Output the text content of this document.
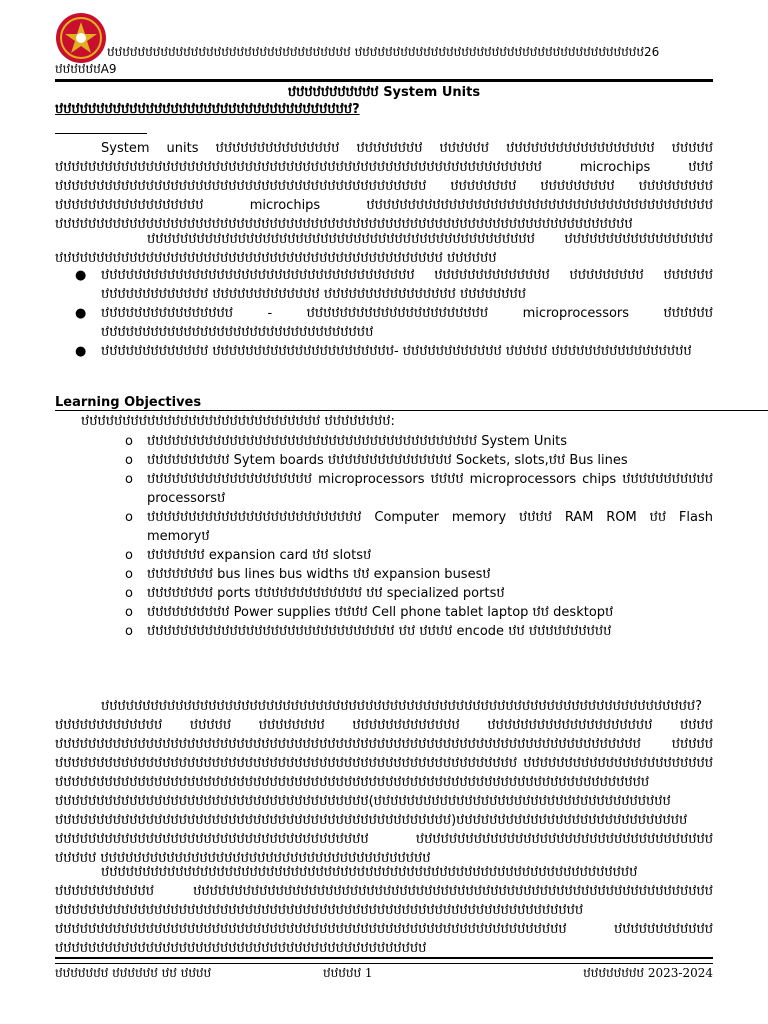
ឋឋឋឋឋឋឋឋឋឋឋឋឋឋឋឋឋឋឋឋឋឋឋឋឋឋឋឋឋឋឋឋ ឋឋឋឋឋឋឋឋឋឋឋឋឋឋឋឋឋឋឋឋឋឋឋឋឋឋឋឋឋឋឋឋឋឋឋឋឋឋ26
ឋឋឋឋឋឋA9
ឋឋឋឋឋឋឋឋឋឋឋ System Units
ឋឋឋឋឋឋឋឋឋឋឋឋឋឋឋឋឋឋឋឋឋឋឋឋឋឋឋឋឋឋឋឋឋឋឋឋ?
System units ឋឋឋឋឋឋឋឋឋឋឋឋឋឋឋ ឋឋឋឋឋឋឋឋ ឋឋឋឋឋឋ ឋឋឋឋឋឋឋឋឋឋឋឋឋឋឋឋឋឋ ឋឋឋឋឋ ឋឋឋឋឋឋឋឋឋឋឋឋឋឋឋឋឋឋឋឋឋឋឋឋឋឋឋឋឋឋឋឋឋឋឋឋឋឋឋឋឋឋឋឋឋឋឋឋឋឋឋឋឋឋឋឋឋឋឋ microchips ឋឋឋ ឋឋឋឋឋឋឋឋឋឋឋឋឋឋឋឋឋឋឋឋឋឋឋឋឋឋឋឋឋឋឋឋឋឋឋឋឋឋឋឋឋឋឋឋឋ ឋឋឋឋឋឋឋឋ ឋឋឋឋឋឋឋឋឋ ឋឋឋឋឋឋឋឋឋ ឋឋឋឋឋឋឋឋឋឋឋឋឋឋឋឋឋឋ microchips ឋឋឋឋឋឋឋឋឋឋឋឋឋឋឋឋឋឋឋឋឋឋឋឋឋឋឋឋឋឋឋឋឋឋឋឋឋឋឋឋឋឋ ឋឋឋឋឋឋឋឋឋឋឋឋឋឋឋឋឋឋឋឋឋឋឋឋឋឋឋឋឋឋឋឋឋឋឋឋឋឋឋឋឋឋឋឋឋឋឋឋឋឋឋឋឋឋឋឋឋឋឋឋឋឋឋឋឋឋឋឋឋឋ
ឋឋឋឋឋឋឋឋឋឋឋឋឋឋឋឋឋឋឋឋឋឋឋឋឋឋឋឋឋឋឋឋឋឋឋឋឋឋឋឋឋឋឋឋឋឋឋ ឋឋឋឋឋឋឋឋឋឋឋឋឋឋឋឋឋឋ ឋឋឋឋឋឋឋឋឋឋឋឋឋឋឋឋឋឋឋឋឋឋឋឋឋឋឋឋឋឋឋឋឋឋឋឋឋឋឋឋឋឋឋឋឋឋឋ ឋឋឋឋឋឋ
● ឋឋឋឋឋឋឋឋឋឋឋឋឋឋឋឋឋឋឋឋឋឋឋឋឋឋឋឋឋឋឋឋឋឋឋឋឋឋ ឋឋឋឋឋឋឋឋឋឋឋឋឋឋ ឋឋឋឋឋឋឋឋឋ ឋឋឋឋឋឋ ឋឋឋឋឋឋឋឋឋឋឋឋឋ ឋឋឋឋឋឋឋឋឋឋឋឋឋ ឋឋឋឋឋឋឋឋឋឋឋឋឋឋឋឋ ឋឋឋឋឋឋឋឋ
● ឋឋឋឋឋឋឋឋឋឋឋឋឋឋឋឋ - ឋឋឋឋឋឋឋឋឋឋឋឋឋឋឋឋឋឋឋឋឋឋ microprocessors ឋឋឋឋឋឋ ឋឋឋឋឋឋឋឋឋឋឋឋឋឋឋឋឋឋឋឋឋឋឋឋឋឋឋឋឋឋឋឋឋ
● ឋឋឋឋឋឋឋឋឋឋឋឋឋ ឋឋឋឋឋឋឋឋឋឋឋឋឋឋឋឋឋឋឋឋឋឋ- ឋឋឋឋឋឋឋឋឋឋឋឋ ឋឋឋឋឋ ឋឋឋឋឋឋឋឋឋឋឋឋឋឋឋឋឋ
Learning Objectives
ឋឋឋឋឋឋឋឋឋឋឋឋឋឋឋឋឋឋឋឋឋឋឋឋឋឋឋឋឋ ឋឋឋឋឋឋឋឋ:
o ឋឋឋឋឋឋឋឋឋឋឋឋឋឋឋឋឋឋឋឋឋឋឋឋឋឋឋឋឋឋឋឋឋឋឋឋឋឋឋឋ System Units
o ឋឋឋឋឋឋឋឋឋឋ Sytem boards ឋឋឋឋឋឋឋឋឋឋឋឋឋឋឋ Sockets, slots,ឋឋ Bus lines
o ឋឋឋឋឋឋឋឋឋឋឋឋឋឋឋឋឋឋឋឋ microprocessors ឋឋឋឋ microprocessors chips ឋឋឋឋឋឋឋឋឋឋឋ processorsឋ
o ឋឋឋឋឋឋឋឋឋឋឋឋឋឋឋឋឋឋឋឋឋឋឋឋឋឋ Computer memory ឋឋឋឋ RAM ROM ឋឋ Flash memoryឋ
o ឋឋឋឋឋឋឋ expansion card ឋឋ slotsឋ
o ឋឋឋឋឋឋឋឋ bus lines bus widths ឋឋ expansion busesឋ
o ឋឋឋឋឋឋឋឋ ports ឋឋឋឋឋឋឋឋឋឋឋឋឋ ឋឋ specialized portsឋ
o ឋឋឋឋឋឋឋឋឋឋ Power supplies ឋឋឋឋ Cell phone tablet laptop ឋឋ desktopឋ
o ឋឋឋឋឋឋឋឋឋឋឋឋឋឋឋឋឋឋឋឋឋឋឋឋឋឋឋឋឋឋ ឋឋ ឋឋឋឋ encode ឋឋ ឋឋឋឋឋឋឋឋឋឋ
ឋឋឋឋឋឋឋឋឋឋឋឋឋឋឋឋឋឋឋឋឋឋឋឋឋឋឋឋឋឋឋឋឋឋឋឋឋឋឋឋឋឋឋឋឋឋឋឋឋឋឋឋឋឋឋឋឋឋឋឋឋឋឋឋឋឋឋឋឋឋឋឋ? ឋឋឋឋឋឋឋឋឋឋឋឋឋ ឋឋឋឋឋ ឋឋឋឋឋឋឋឋ ឋឋឋឋឋឋឋឋឋឋឋឋឋ ឋឋឋឋឋឋឋឋឋឋឋឋឋឋឋឋឋឋឋឋ ឋឋឋឋ ឋឋឋឋឋឋឋឋឋឋឋឋឋឋឋឋឋឋឋឋឋឋឋឋឋឋឋឋឋឋឋឋឋឋឋឋឋឋឋឋឋឋឋឋឋឋឋឋឋឋឋឋឋឋឋឋឋឋឋឋឋឋឋឋឋឋឋឋឋឋឋ ឋឋឋឋឋ ឋឋឋឋឋឋឋឋឋឋឋឋឋឋឋឋឋឋឋឋឋឋឋឋឋឋឋឋឋឋឋឋឋឋឋឋឋឋឋឋឋឋឋឋឋឋឋឋឋឋឋឋឋឋឋឋ ឋឋឋឋឋឋឋឋឋឋឋឋឋឋឋឋឋឋឋឋឋឋឋ ឋឋឋឋឋឋឋឋឋឋឋឋឋឋឋឋឋឋឋឋឋឋឋឋឋឋឋឋឋឋឋឋឋឋឋឋឋឋឋឋឋឋឋឋឋឋឋឋឋឋឋឋឋឋឋឋឋឋឋឋឋឋឋឋឋឋឋឋឋឋឋឋ ឋឋឋឋឋឋឋឋឋឋឋឋឋឋឋឋឋឋឋឋឋឋឋឋឋឋឋឋឋឋឋឋឋឋឋឋឋឋ(ឋឋឋឋឋឋឋឋឋឋឋឋឋឋឋឋឋឋឋឋឋឋឋឋឋឋឋឋឋឋឋឋឋឋឋឋ ឋឋឋឋឋឋឋឋឋឋឋឋឋឋឋឋឋឋឋឋឋឋឋឋឋឋឋឋឋឋឋឋឋឋឋឋឋឋឋឋឋឋឋឋឋឋឋឋ)ឋឋឋឋឋឋឋឋឋឋឋឋឋឋឋឋឋឋឋឋឋឋឋឋឋឋឋឋ ឋឋឋឋឋឋឋឋឋឋឋឋឋឋឋឋឋឋឋឋឋឋឋឋឋឋឋឋឋឋឋឋឋឋឋឋឋឋ ឋឋឋឋឋឋឋឋឋឋឋឋឋឋឋឋឋឋឋឋឋឋឋឋឋឋឋឋឋឋឋឋឋឋឋឋ ឋឋឋឋឋ ឋឋឋឋឋឋឋឋឋឋឋឋឋឋឋឋឋឋឋឋឋឋឋឋឋឋឋឋឋឋឋឋឋឋឋឋឋឋឋឋ
ឋឋឋឋឋឋឋឋឋឋឋឋឋឋឋឋឋឋឋឋឋឋឋឋឋឋឋឋឋឋឋឋឋឋឋឋឋឋឋឋឋឋឋឋឋឋឋឋឋឋឋឋឋឋឋឋឋឋឋឋឋឋឋឋឋ ឋឋឋឋឋឋឋឋឋឋឋឋ ឋឋឋឋឋឋឋឋឋឋឋឋឋឋឋឋឋឋឋឋឋឋឋឋឋឋឋឋឋឋឋឋឋឋឋឋឋឋឋឋឋឋឋឋឋឋឋឋឋឋឋឋឋឋឋឋឋឋឋឋឋឋឋ ឋឋឋឋឋឋឋឋឋឋឋឋឋឋឋឋឋឋឋឋឋឋឋឋឋឋឋឋឋឋឋឋឋឋឋឋឋឋឋឋឋឋឋឋឋឋឋឋឋឋឋឋឋឋឋឋឋឋឋឋឋឋឋឋ ឋឋឋឋឋឋឋឋឋឋឋឋឋឋឋឋឋឋឋឋឋឋឋឋឋឋឋឋឋឋឋឋឋឋឋឋឋឋឋឋឋឋឋឋឋឋឋឋឋឋឋឋឋឋឋឋឋឋឋឋឋឋ ឋឋឋឋឋឋឋឋឋឋឋឋ ឋឋឋឋឋឋឋឋឋឋឋឋឋឋឋឋឋឋឋឋឋឋឋឋឋឋឋឋឋឋឋឋឋឋឋឋឋឋឋឋឋឋឋឋឋ
ឋឋឋឋឋឋឋ ឋឋឋឋឋឋ ឋឋ ឋឋឋឋ	ឋឋឋឋឋ 1	ឋឋឋឋឋឋឋឋ 2023-2024
